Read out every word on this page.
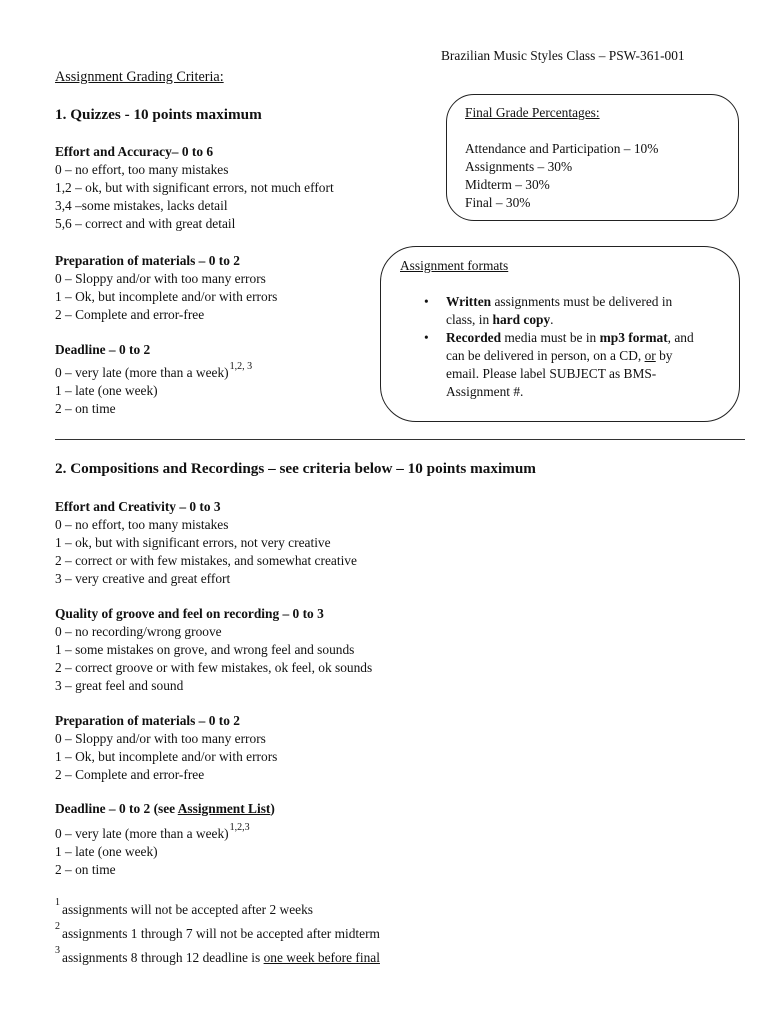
Brazilian Music Styles Class – PSW-361-001
Assignment Grading Criteria:
1. Quizzes - 10 points maximum
Effort and Accuracy– 0 to 6
0 – no effort, too many mistakes
1,2 – ok, but with significant errors, not much effort
3,4 –some mistakes, lacks detail
5,6 – correct and with great detail
Preparation of materials – 0 to 2
0 – Sloppy and/or with too many errors
1 – Ok, but incomplete and/or with errors
2 – Complete and error-free
Deadline – 0 to 2
0 – very late (more than a week)$^{1,2, 3}$
1 – late (one week)
2 – on time
Final Grade Percentages:
Attendance and Participation – 10%
Assignments – 30%
Midterm – 30%
Final – 30%
Assignment formats
• Written assignments must be delivered in class, in hard copy.
• Recorded media must be in mp3 format, and can be delivered in person, on a CD, or by email. Please label SUBJECT as BMS-Assignment #.
2. Compositions and Recordings – see criteria below – 10 points maximum
Effort and Creativity – 0 to 3
0 – no effort, too many mistakes
1 – ok, but with significant errors, not very creative
2 – correct or with few mistakes, and somewhat creative
3 – very creative and great effort
Quality of groove and feel on recording – 0 to 3
0 – no recording/wrong groove
1 – some mistakes on grove, and wrong feel and sounds
2 – correct groove or with few mistakes, ok feel, ok sounds
3 – great feel and sound
Preparation of materials – 0 to 2
0 – Sloppy and/or with too many errors
1 – Ok, but incomplete and/or with errors
2 – Complete and error-free
Deadline – 0 to 2 (see Assignment List)
0 – very late (more than a week)$^{1,2,3}$
1 – late (one week)
2 – on time
$^1$ assignments will not be accepted after 2 weeks
$^2$ assignments 1 through 7 will not be accepted after midterm
$^3$ assignments 8 through 12 deadline is one week before final
